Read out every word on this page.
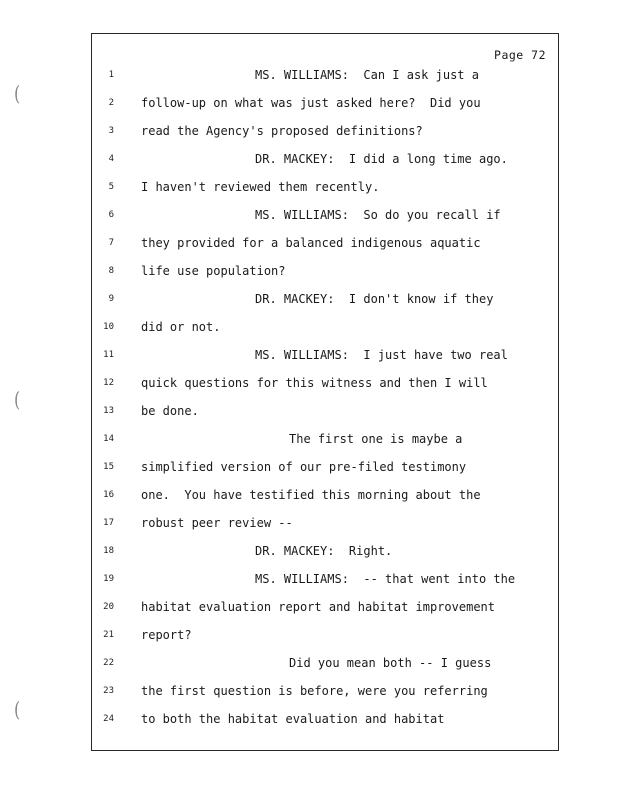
(
(
(
Page 72
1	MS. WILLIAMS:  Can I ask just a
2 follow-up on what was just asked here?  Did you
3 read the Agency's proposed definitions?
4	DR. MACKEY:  I did a long time ago.
5 I haven't reviewed them recently.
6	MS. WILLIAMS:  So do you recall if
7 they provided for a balanced indigenous aquatic
8 life use population?
9	DR. MACKEY:  I don't know if they
10 did or not.
11	MS. WILLIAMS:  I just have two real
12 quick questions for this witness and then I will
13 be done.
14	The first one is maybe a
15 simplified version of our pre-filed testimony
16 one.  You have testified this morning about the
17 robust peer review --
18	DR. MACKEY:  Right.
19	MS. WILLIAMS:  -- that went into the
20 habitat evaluation report and habitat improvement
21 report?
22	Did you mean both -- I guess
23 the first question is before, were you referring
24 to both the habitat evaluation and habitat
